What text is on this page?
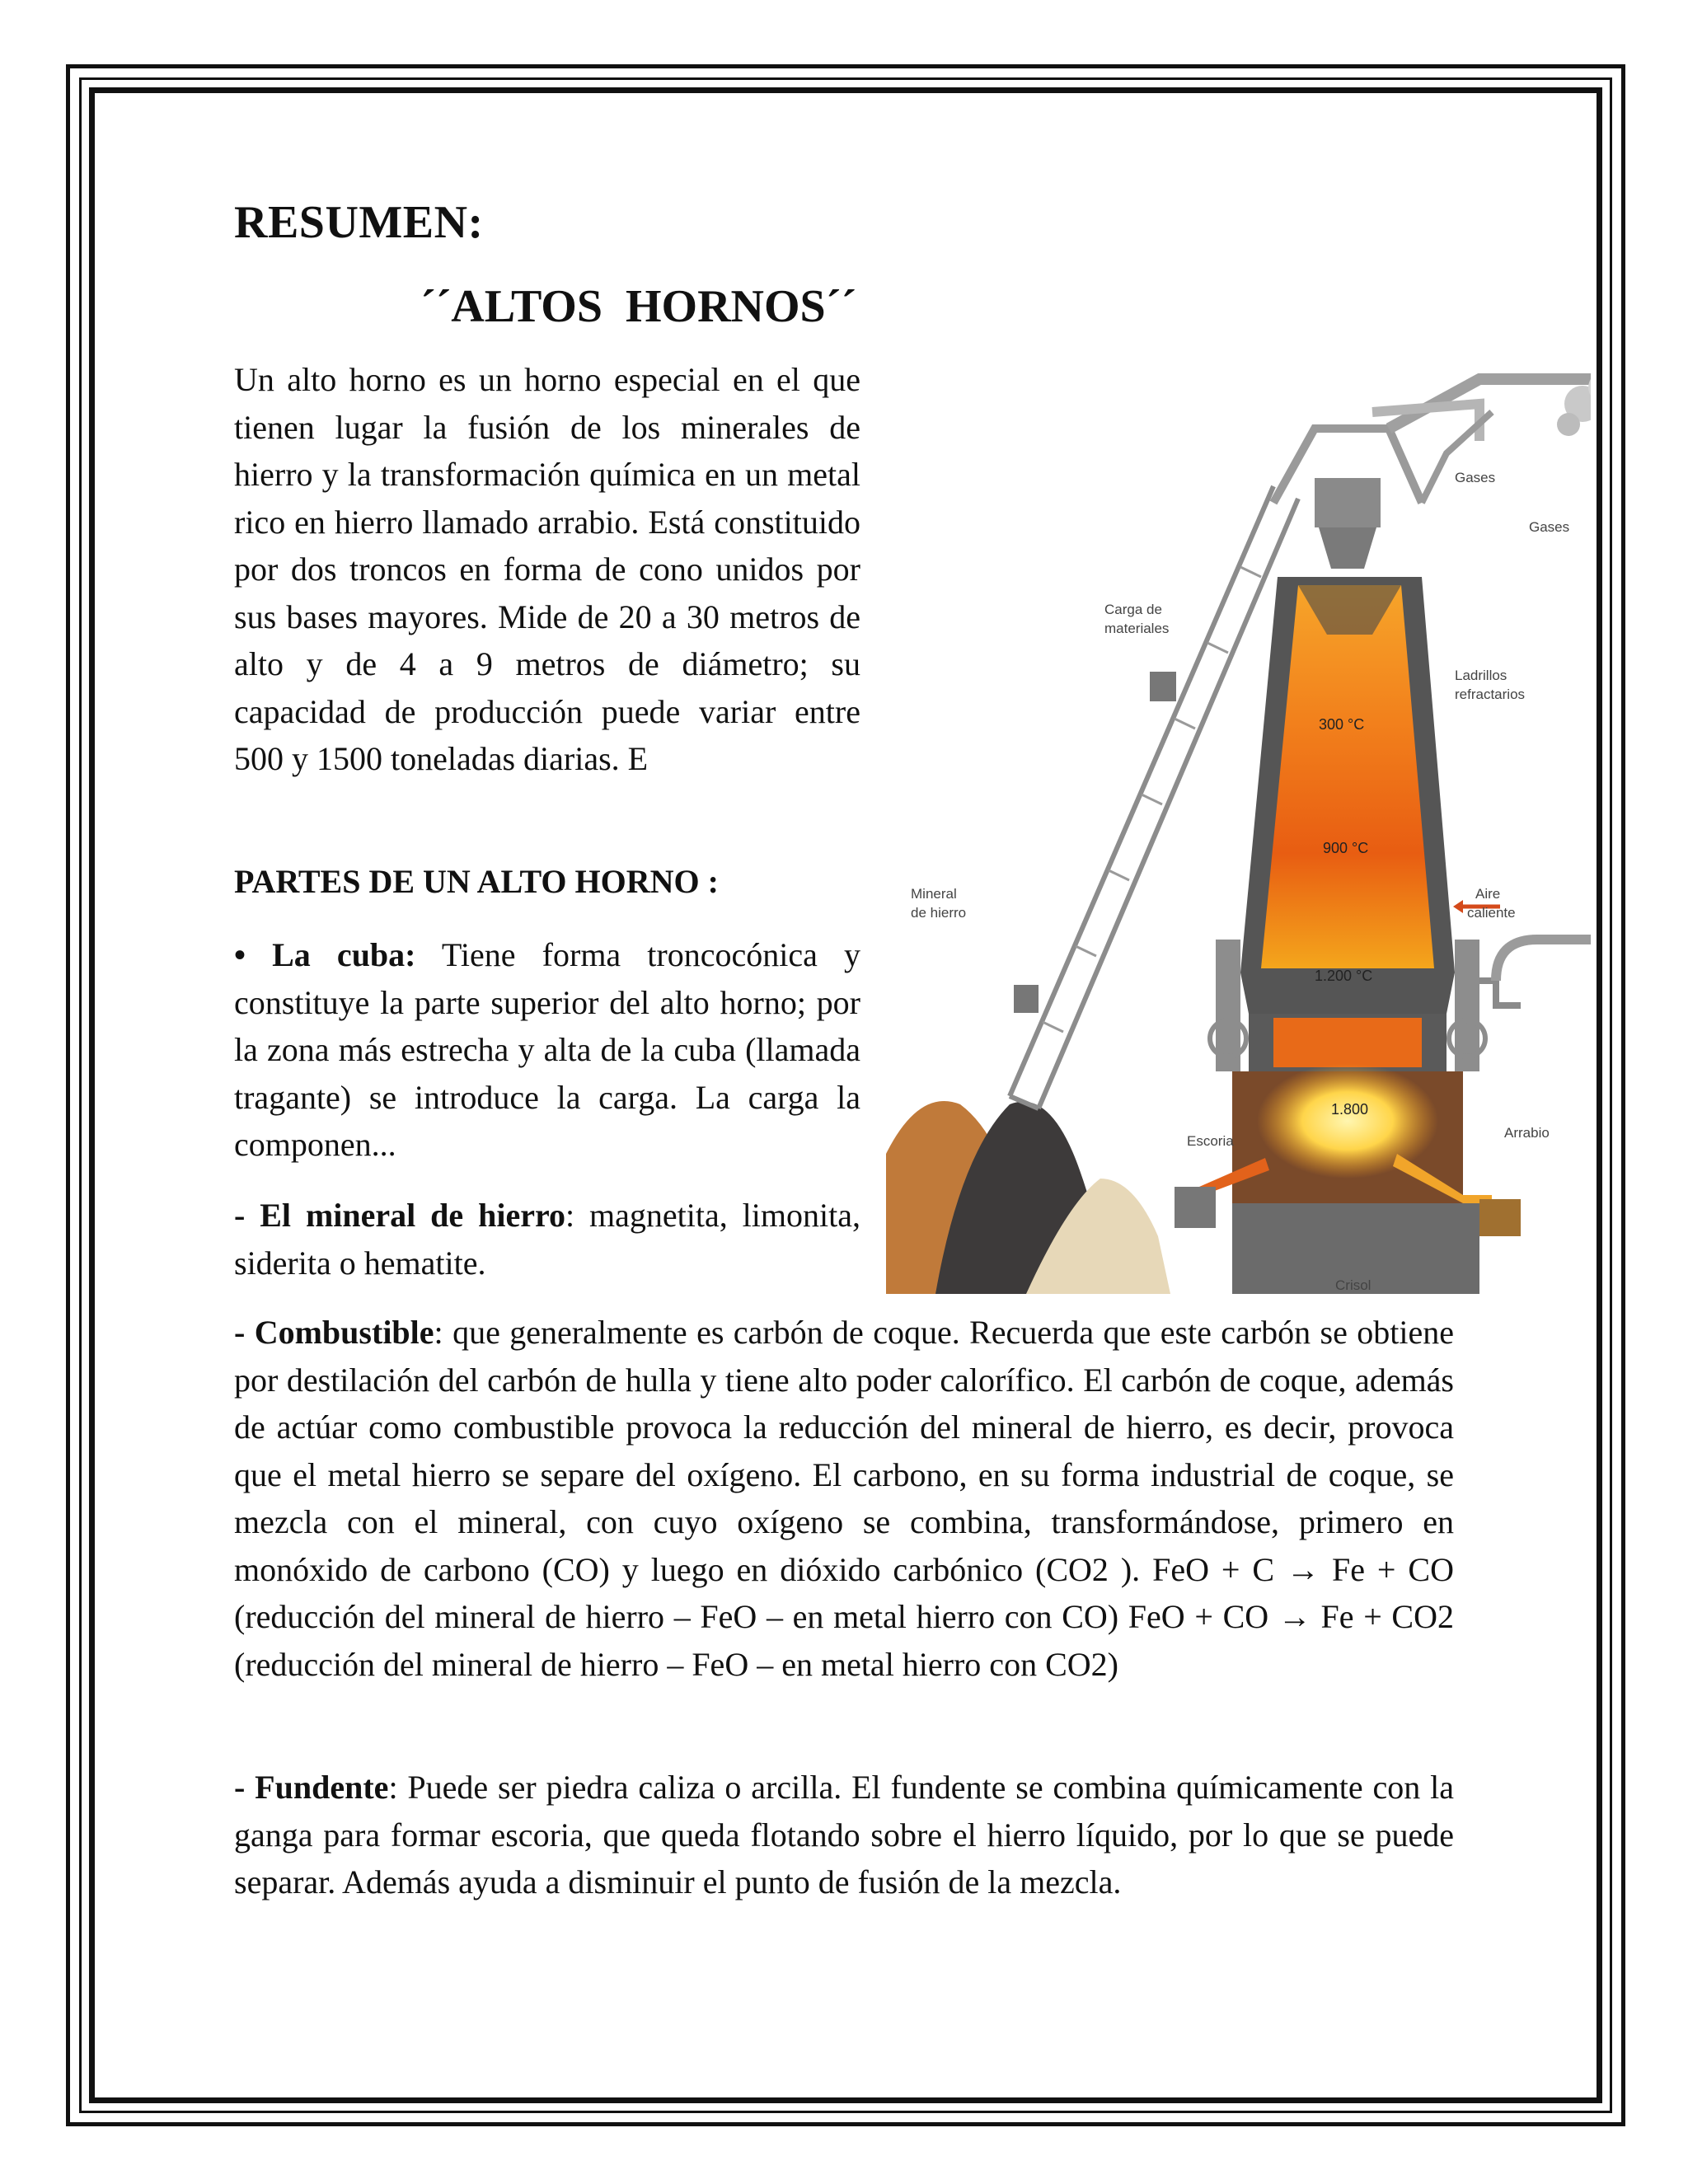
RESUMEN:
´´ALTOS  HORNOS´´

Un alto horno es un horno especial en el que tienen lugar la fusión de los minerales de hierro y la transformación química en un metal rico en hierro llamado arrabio. Está constituido por dos troncos en forma de cono unidos por sus bases mayores. Mide de 20 a 30 metros de alto y de 4 a 9 metros de diámetro; su capacidad de producción puede variar entre 500 y 1500 toneladas diarias. E

PARTES DE UN ALTO HORNO :

• La cuba: Tiene forma troncocónica y constituye la parte superior del alto horno; por la zona más estrecha y alta de la cuba (llamada tragante) se introduce la carga. La carga la componen...

- El mineral de hierro: magnetita, limonita, siderita o hematite.

- Combustible: que generalmente es carbón de coque. Recuerda que este carbón se obtiene por destilación del carbón de hulla y tiene alto poder calorífico. El carbón de coque, además de actúar como combustible provoca la reducción del mineral de hierro, es decir, provoca que el metal hierro se separe del oxígeno. El carbono, en su forma industrial de coque, se mezcla con el mineral, con cuyo oxígeno se combina, transformándose, primero en monóxido de carbono (CO) y luego en dióxido carbónico (CO2 ). FeO + C → Fe + CO (reducción del mineral de hierro – FeO – en metal hierro con CO) FeO + CO → Fe + CO2 (reducción del mineral de hierro – FeO – en metal hierro con CO2)

- Fundente: Puede ser piedra caliza o arcilla. El fundente se combina químicamente con la ganga para formar escoria, que queda flotando sobre el hierro líquido, por lo que se puede separar. Además ayuda a disminuir el punto de fusión de la mezcla.

Gases
Gases
Carga de
materiales
Ladrillos
refractarios
Mineral
de hierro
Aire
caliente
Escoria
Arrabio
Crisol
300 °C
900 °C
1.200 °C
1.800
